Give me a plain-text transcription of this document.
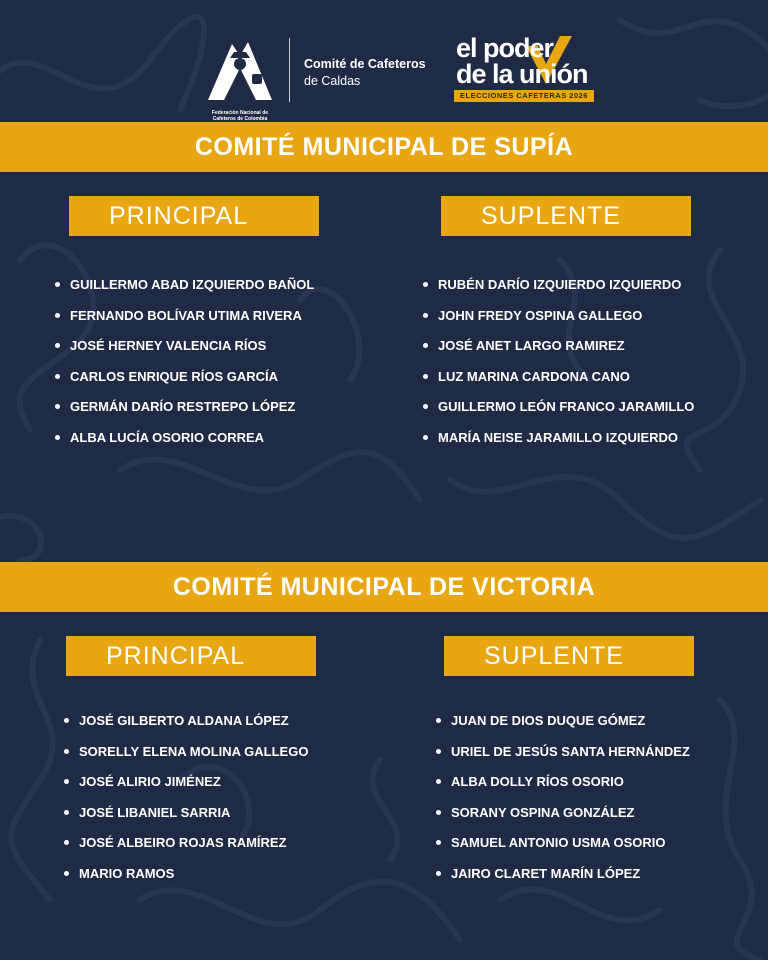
Federación Nacional de
Cafeteros de Colombia
Comité de Cafeteros
de Caldas
el poder
de la unión
ELECCIONES CAFETERAS 2026
COMITÉ MUNICIPAL DE SUPÍA
PRINCIPAL	SUPLENTE
GUILLERMO ABAD IZQUIERDO BAÑOL
FERNANDO BOLÍVAR UTIMA RIVERA
JOSÉ HERNEY VALENCIA RÍOS
CARLOS ENRIQUE RÍOS GARCÍA
GERMÁN DARÍO RESTREPO LÓPEZ
ALBA LUCÍA OSORIO CORREA
RUBÉN DARÍO IZQUIERDO IZQUIERDO
JOHN FREDY OSPINA GALLEGO
JOSÉ ANET LARGO RAMIREZ
LUZ MARINA CARDONA CANO
GUILLERMO LEÓN FRANCO JARAMILLO
MARÍA NEISE JARAMILLO IZQUIERDO
COMITÉ MUNICIPAL DE VICTORIA
PRINCIPAL	SUPLENTE
JOSÉ GILBERTO ALDANA LÓPEZ
SORELLY ELENA MOLINA GALLEGO
JOSÉ ALIRIO JIMÉNEZ
JOSÉ LIBANIEL SARRIA
JOSÉ ALBEIRO ROJAS RAMÍREZ
MARIO RAMOS
JUAN DE DIOS DUQUE GÓMEZ
URIEL DE JESÚS SANTA HERNÁNDEZ
ALBA DOLLY RÍOS OSORIO
SORANY OSPINA GONZÁLEZ
SAMUEL ANTONIO USMA OSORIO
JAIRO CLARET MARÍN LÓPEZ
